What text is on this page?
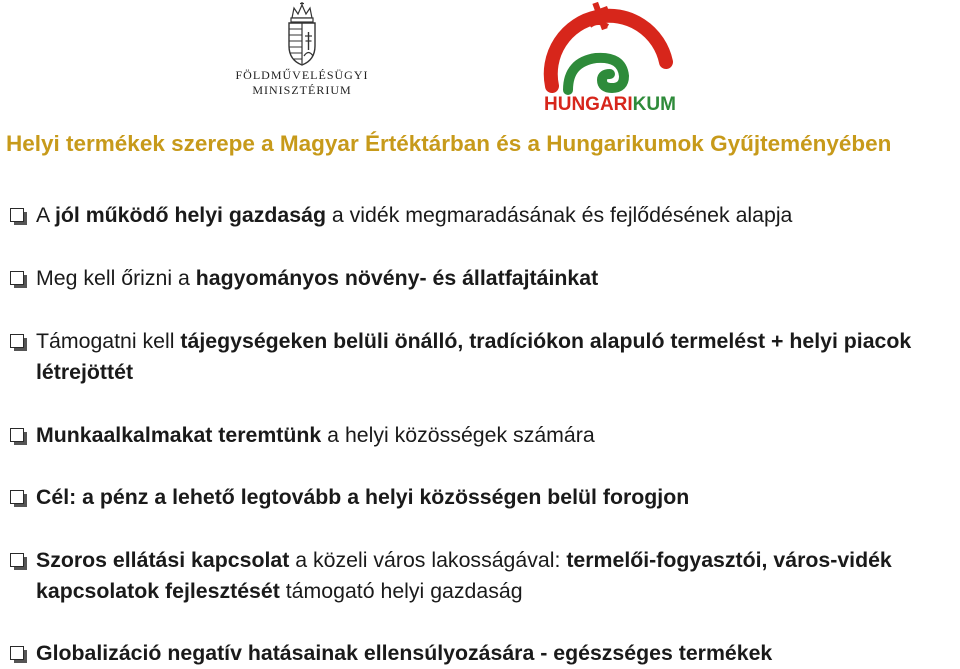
FÖLDMŰVELÉSÜGYI
MINISZTÉRIUM
HUNGARIKUM
Helyi termékek szerepe a Magyar Értéktárban és a Hungarikumok Gyűjteményében
A jól működő helyi gazdaság a vidék megmaradásának és fejlődésének alapja
Meg kell őrizni a hagyományos növény- és állatfajtáinkat
Támogatni kell tájegységeken belüli önálló, tradíciókon alapuló termelést + helyi piacok létrejöttét
Munkaalkalmakat teremtünk a helyi közösségek számára
Cél: a pénz a lehető legtovább a helyi közösségen belül forogjon
Szoros ellátási kapcsolat a közeli város lakosságával: termelői-fogyasztói, város-vidék kapcsolatok fejlesztését támogató helyi gazdaság
Globalizáció negatív hatásainak ellensúlyozására - egészséges termékek
